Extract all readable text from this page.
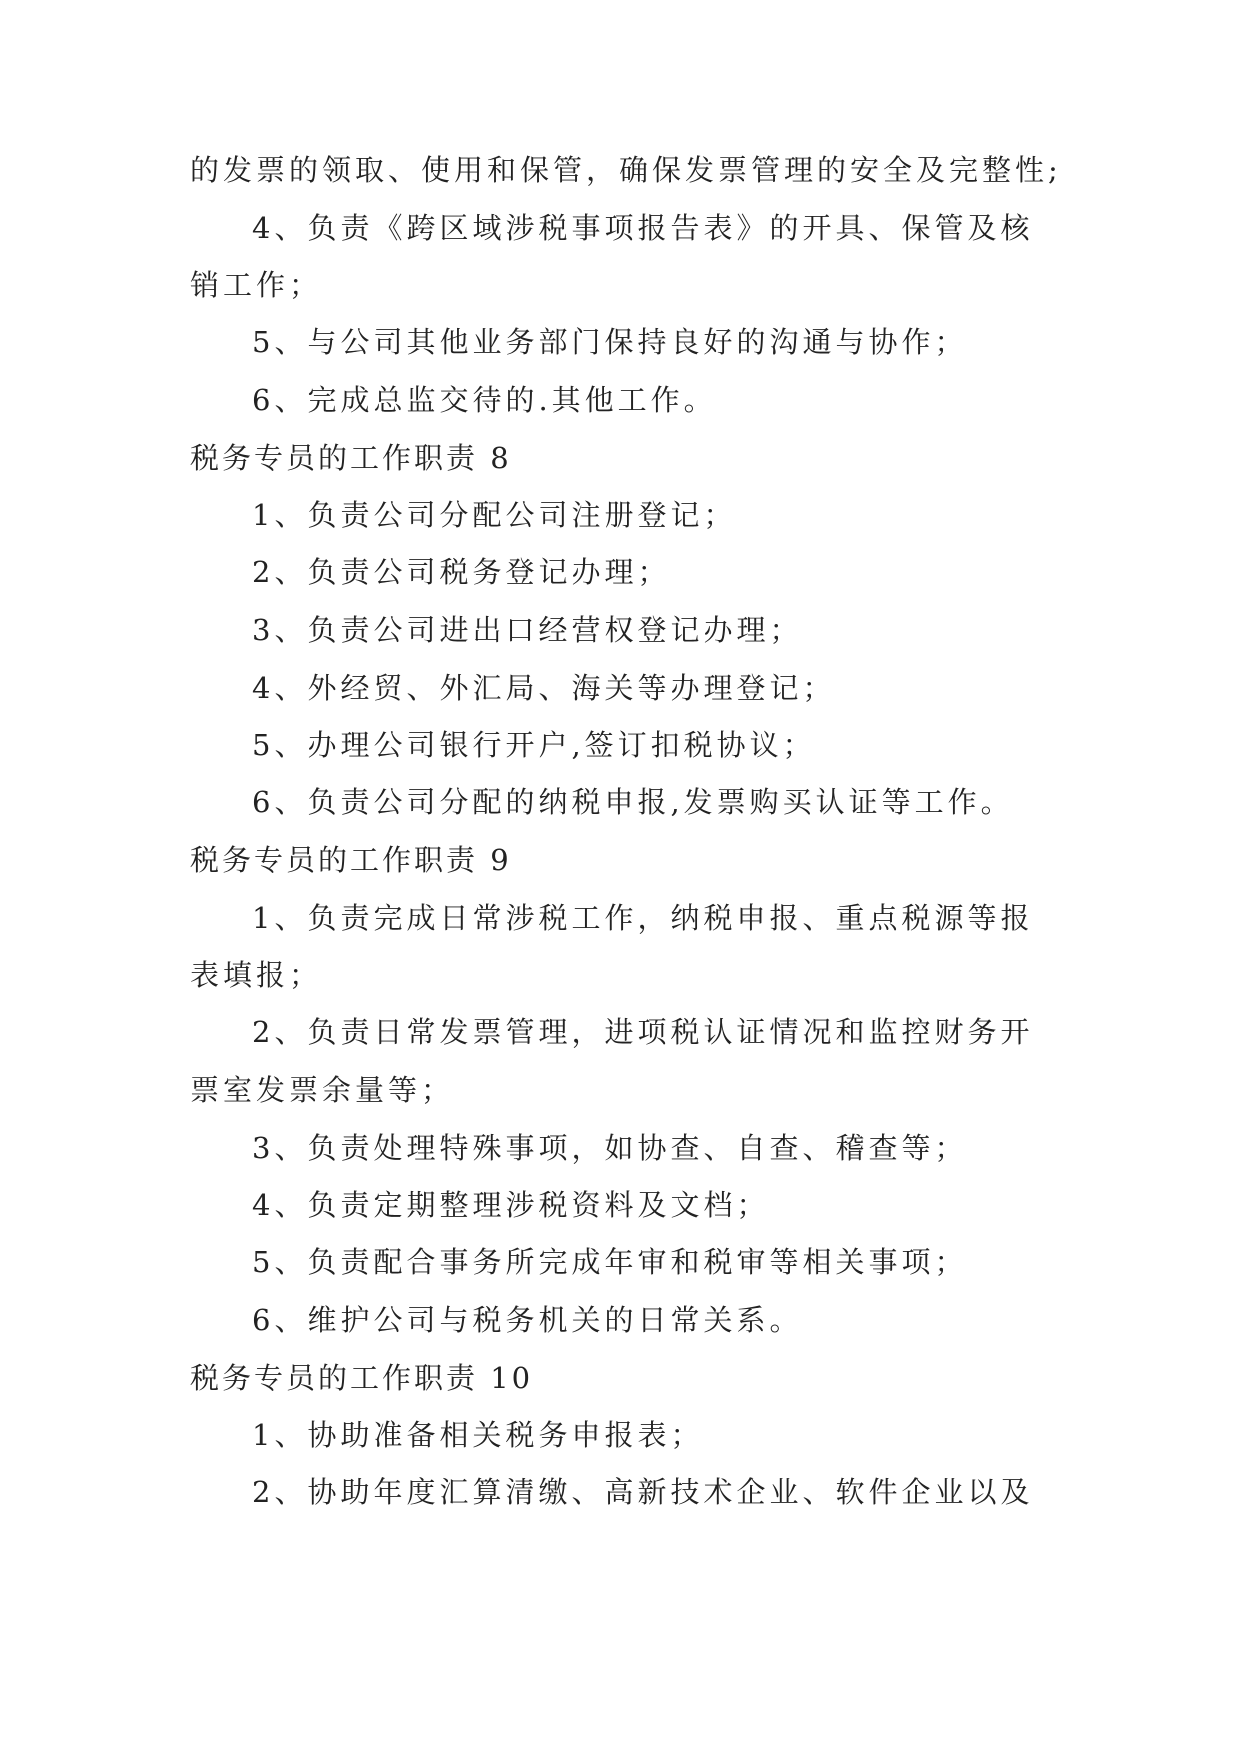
的发票的领取、使用和保管，确保发票管理的安全及完整性;
4、负责《跨区域涉税事项报告表》的开具、保管及核
销工作；
5、与公司其他业务部门保持良好的沟通与协作；
6、完成总监交待的.其他工作。
税务专员的工作职责 8
1、负责公司分配公司注册登记；
2、负责公司税务登记办理；
3、负责公司进出口经营权登记办理；
4、外经贸、外汇局、海关等办理登记；
5、办理公司银行开户,签订扣税协议；
6、负责公司分配的纳税申报,发票购买认证等工作。
税务专员的工作职责 9
1、负责完成日常涉税工作，纳税申报、重点税源等报
表填报；
2、负责日常发票管理，进项税认证情况和监控财务开
票室发票余量等；
3、负责处理特殊事项，如协查、自查、稽查等；
4、负责定期整理涉税资料及文档；
5、负责配合事务所完成年审和税审等相关事项；
6、维护公司与税务机关的日常关系。
税务专员的工作职责 10
1、协助准备相关税务申报表；
2、协助年度汇算清缴、高新技术企业、软件企业以及
